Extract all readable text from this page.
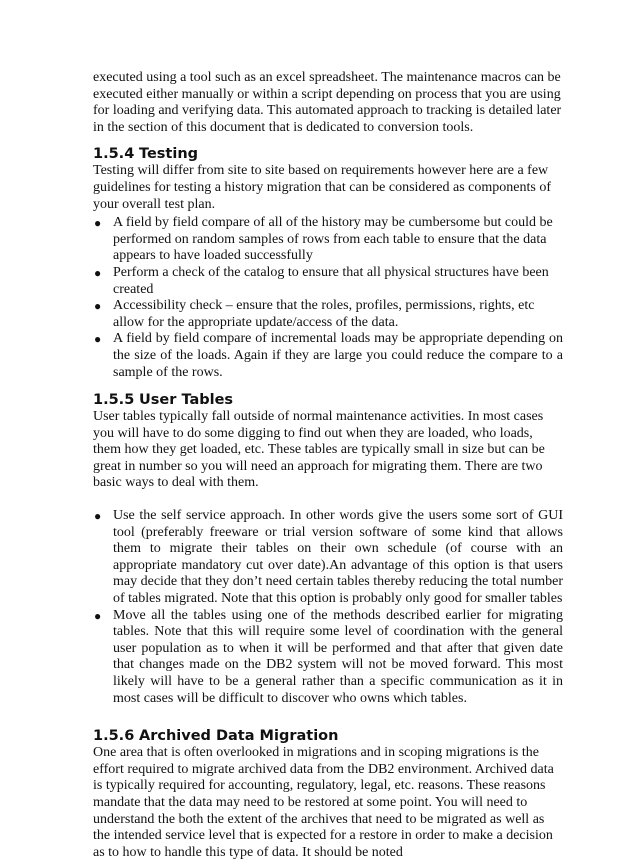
executed using a tool such as an excel spreadsheet. The maintenance macros can be executed either manually or within a script depending on process that you are using for loading and verifying data. This automated approach to tracking is detailed later in the section of this document that is dedicated to conversion tools.

1.5.4 Testing

Testing will differ from site to site based on requirements however here are a few guidelines for testing a history migration that can be considered as components of your overall test plan.

● A field by field compare of all of the history may be cumbersome but could be performed on random samples of rows from each table to ensure that the data appears to have loaded successfully
● Perform a check of the catalog to ensure that all physical structures have been created
● Accessibility check – ensure that the roles, profiles, permissions, rights, etc allow for the appropriate update/access of the data.
● A field by field compare of incremental loads may be appropriate depending on the size of the loads. Again if they are large you could reduce the compare to a sample of the rows.
1.5.5 User Tables

User tables typically fall outside of normal maintenance activities. In most cases you will have to do some digging to find out when they are loaded, who loads, them how they get loaded, etc. These tables are typically small in size but can be great in number so you will need an approach for migrating them. There are two basic ways to deal with them.

● Use the self service approach. In other words give the users some sort of GUI tool (preferably freeware or trial version software of some kind that allows them to migrate their tables on their own schedule (of course with an appropriate mandatory cut over date).An advantage of this option is that users may decide that they don’t need certain tables thereby reducing the total number of tables migrated. Note that this option is probably only good for smaller tables
● Move all the tables using one of the methods described earlier for migrating tables. Note that this will require some level of coordination with the general user population as to when it will be performed and that after that given date that changes made on the DB2 system will not be moved forward. This most likely will have to be a general rather than a specific communication as it in most cases will be difficult to discover who owns which tables.
1.5.6 Archived Data Migration

One area that is often overlooked in migrations and in scoping migrations is the effort required to migrate archived data from the DB2 environment. Archived data is typically required for accounting, regulatory, legal, etc. reasons. These reasons mandate that the data may need to be restored at some point. You will need to understand the both the extent of the archives that need to be migrated as well as the intended service level that is expected for a restore in order to make a decision as to how to handle this type of data. It should be noted
